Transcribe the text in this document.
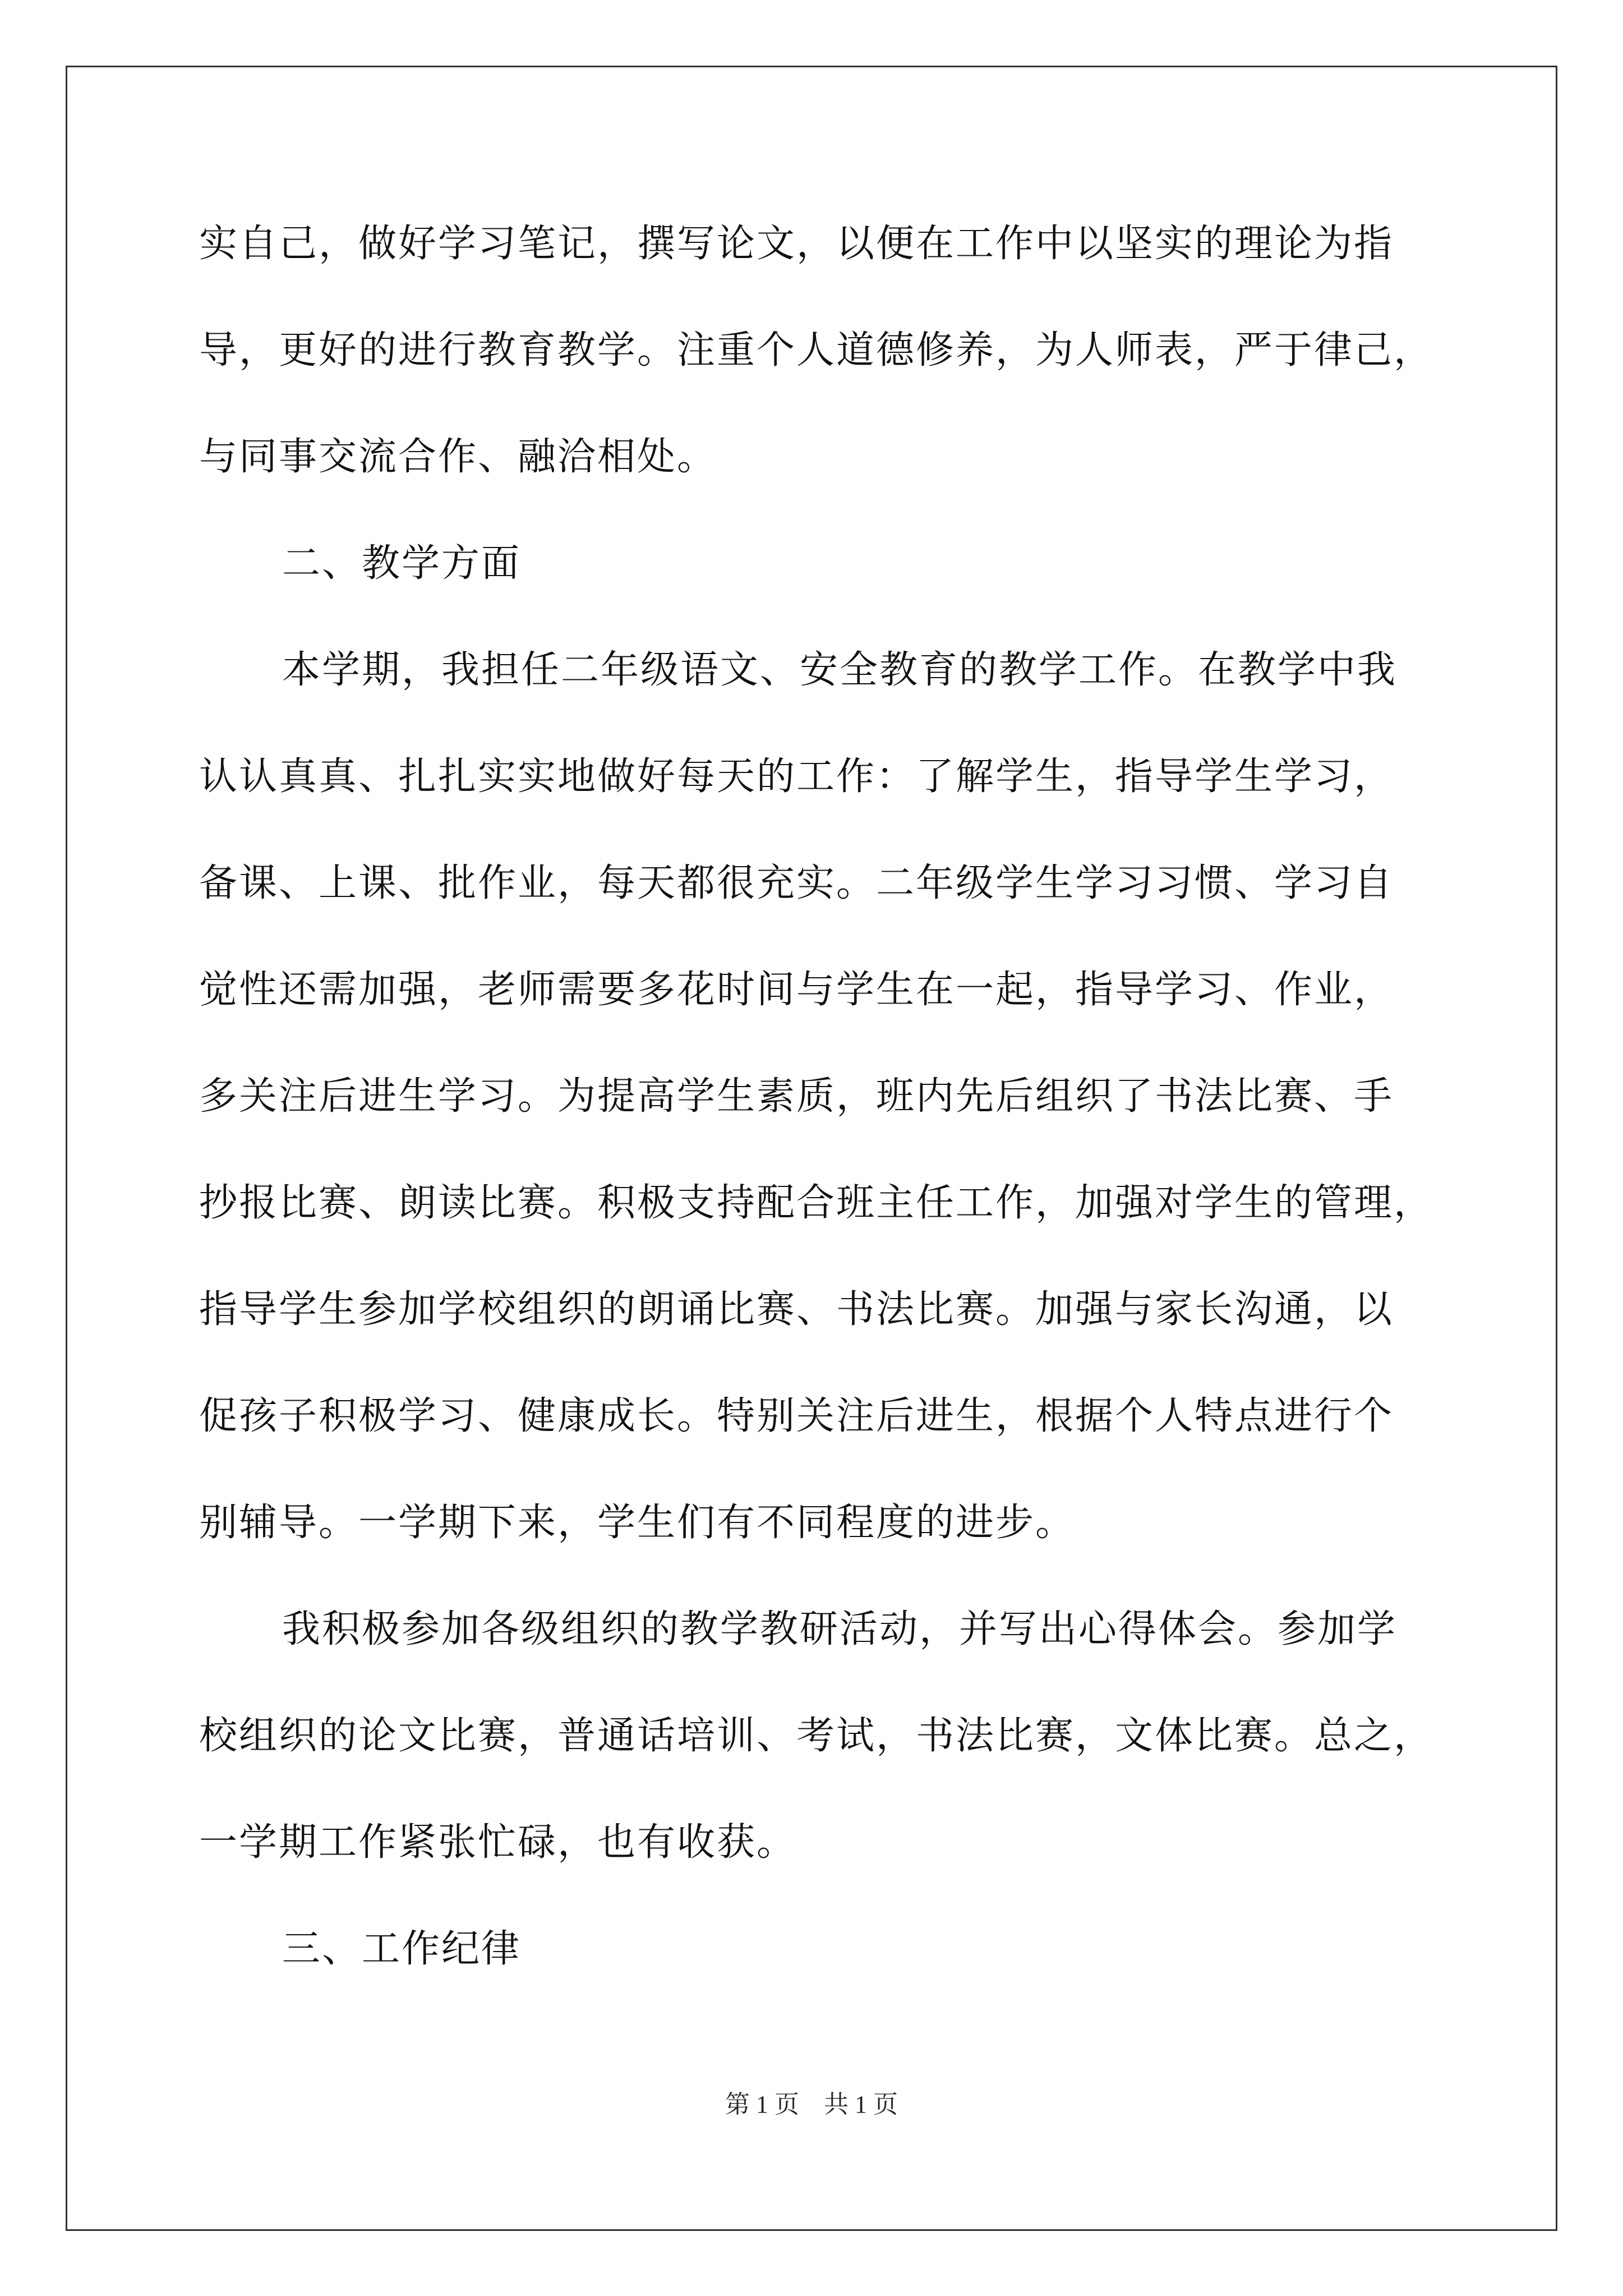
实自己，做好学习笔记，撰写论文，以便在工作中以坚实的理论为指
导，更好的进行教育教学。注重个人道德修养，为人师表，严于律己，
与同事交流合作、融洽相处。
二、教学方面
本学期，我担任二年级语文、安全教育的教学工作。在教学中我
认认真真、扎扎实实地做好每天的工作：了解学生，指导学生学习，
备课、上课、批作业，每天都很充实。二年级学生学习习惯、学习自
觉性还需加强，老师需要多花时间与学生在一起，指导学习、作业，
多关注后进生学习。为提高学生素质，班内先后组织了书法比赛、手
抄报比赛、朗读比赛。积极支持配合班主任工作，加强对学生的管理，
指导学生参加学校组织的朗诵比赛、书法比赛。加强与家长沟通，以
促孩子积极学习、健康成长。特别关注后进生，根据个人特点进行个
别辅导。一学期下来，学生们有不同程度的进步。
我积极参加各级组织的教学教研活动，并写出心得体会。参加学
校组织的论文比赛，普通话培训、考试，书法比赛，文体比赛。总之，
一学期工作紧张忙碌，也有收获。
三、工作纪律
第 1 页　共 1 页
